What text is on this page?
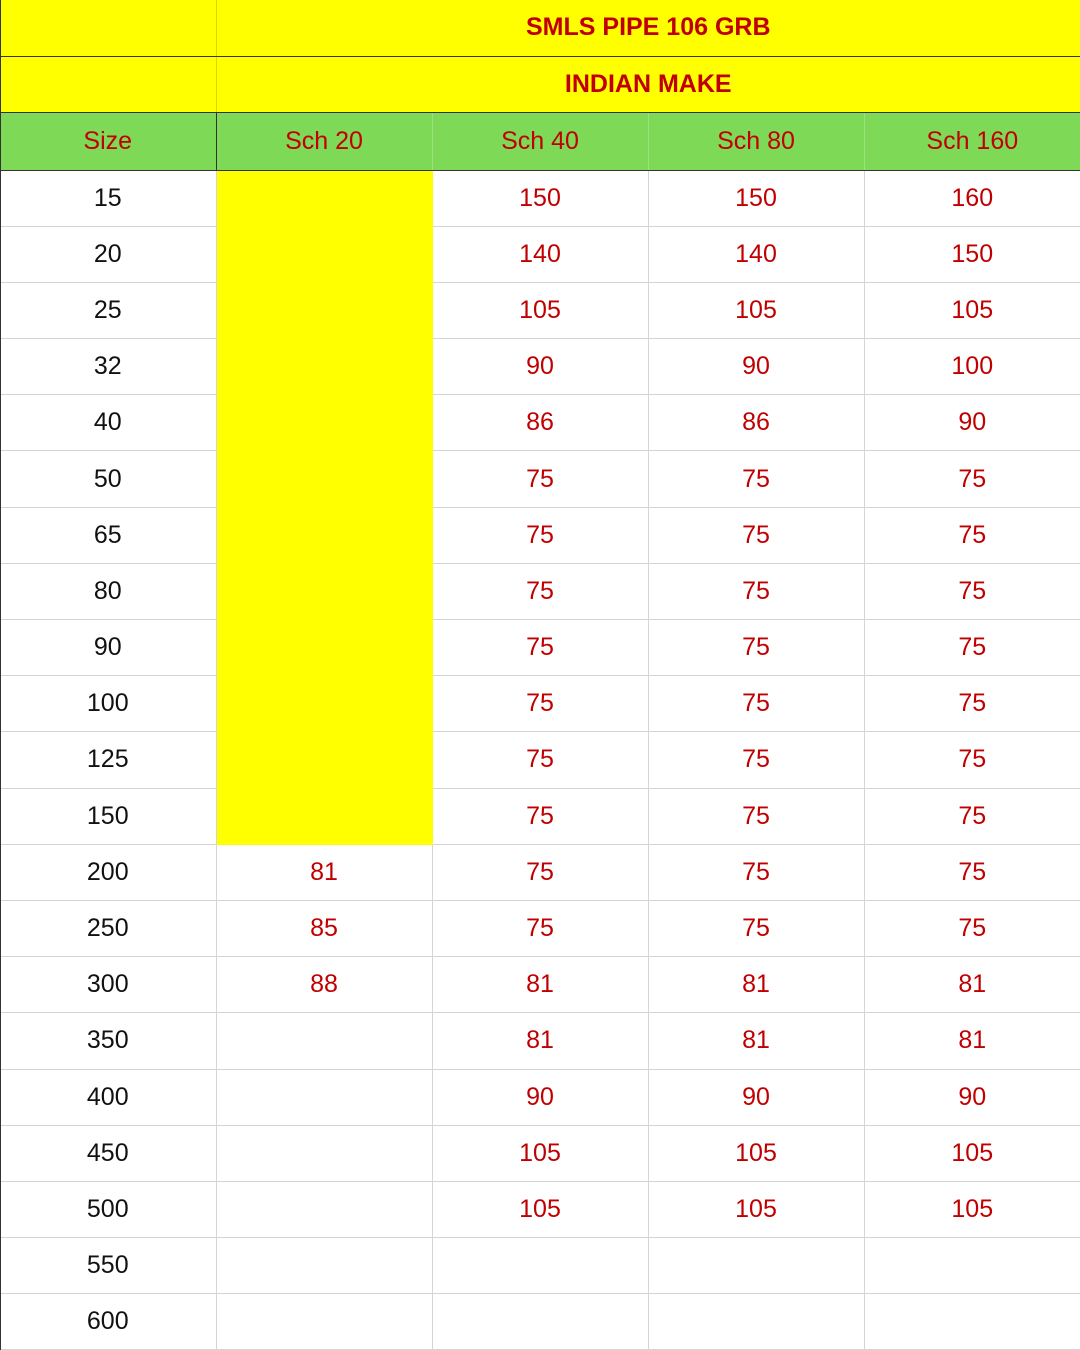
	SMLS PIPE 106 GRB			
	INDIAN MAKE			
Size	Sch 20	Sch 40	Sch 80	Sch 160
15		150	150	160
20		140	140	150
25		105	105	105
32		90	90	100
40		86	86	90
50		75	75	75
65		75	75	75
80		75	75	75
90		75	75	75
100		75	75	75
125		75	75	75
150		75	75	75
200	81	75	75	75
250	85	75	75	75
300	88	81	81	81
350		81	81	81
400		90	90	90
450		105	105	105
500		105	105	105
550				
600				
